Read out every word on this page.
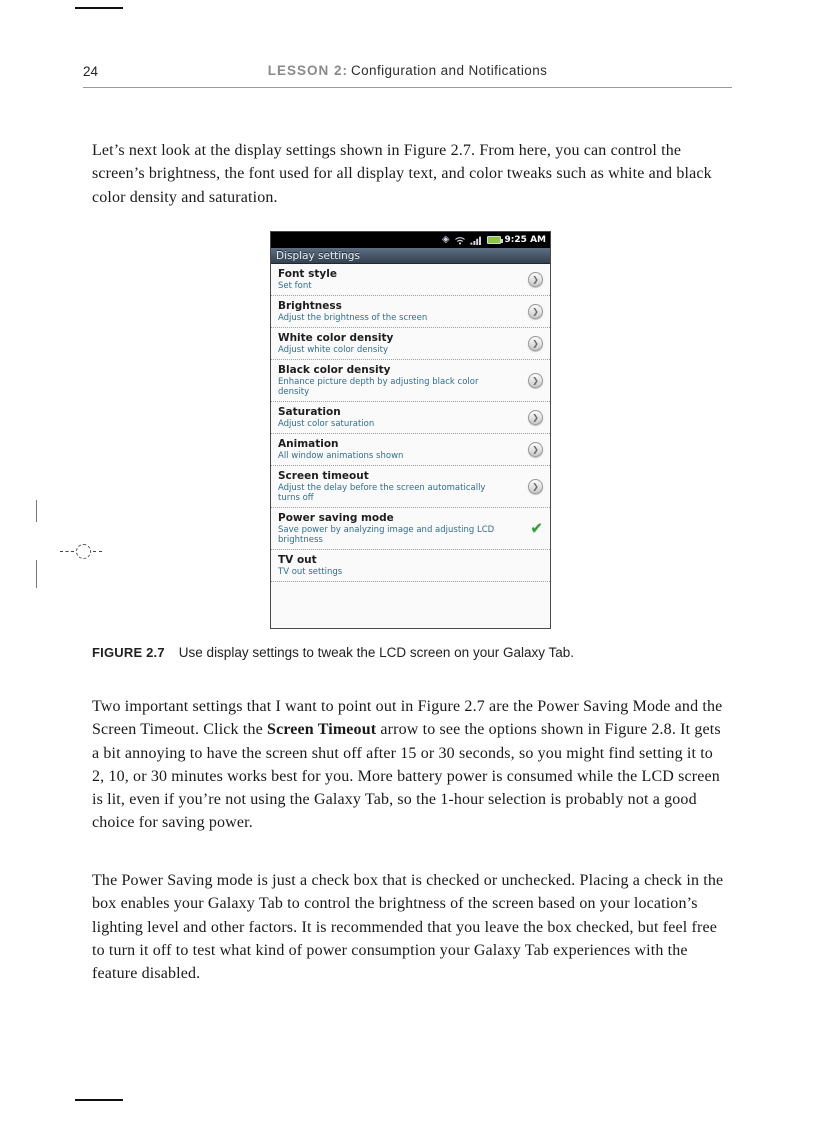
24	LESSON 2: Configuration and Notifications

Let’s next look at the display settings shown in Figure 2.7. From here, you can control the screen’s brightness, the font used for all display text, and color tweaks such as white and black color density and saturation.

◈	9:25 AM
Display settings
Font style
Set font
❯
Brightness
Adjust the brightness of the screen
❯
White color density
Adjust white color density
❯
Black color density
Enhance picture depth by adjusting black color density
❯
Saturation
Adjust color saturation
❯
Animation
All window animations shown
❯
Screen timeout
Adjust the delay before the screen automatically turns off
❯
Power saving mode
Save power by analyzing image and adjusting LCD brightness
✔
TV out
TV out settings

FIGURE 2.7 Use display settings to tweak the LCD screen on your Galaxy Tab.

Two important settings that I want to point out in Figure 2.7 are the Power Saving Mode and the Screen Timeout. Click the Screen Timeout arrow to see the options shown in Figure 2.8. It gets a bit annoying to have the screen shut off after 15 or 30 seconds, so you might find setting it to 2, 10, or 30 minutes works best for you. More battery power is consumed while the LCD screen is lit, even if you’re not using the Galaxy Tab, so the 1-hour selection is probably not a good choice for saving power.

The Power Saving mode is just a check box that is checked or unchecked. Placing a check in the box enables your Galaxy Tab to control the brightness of the screen based on your location’s lighting level and other factors. It is recommended that you leave the box checked, but feel free to turn it off to test what kind of power consumption your Galaxy Tab experiences with the feature disabled.
